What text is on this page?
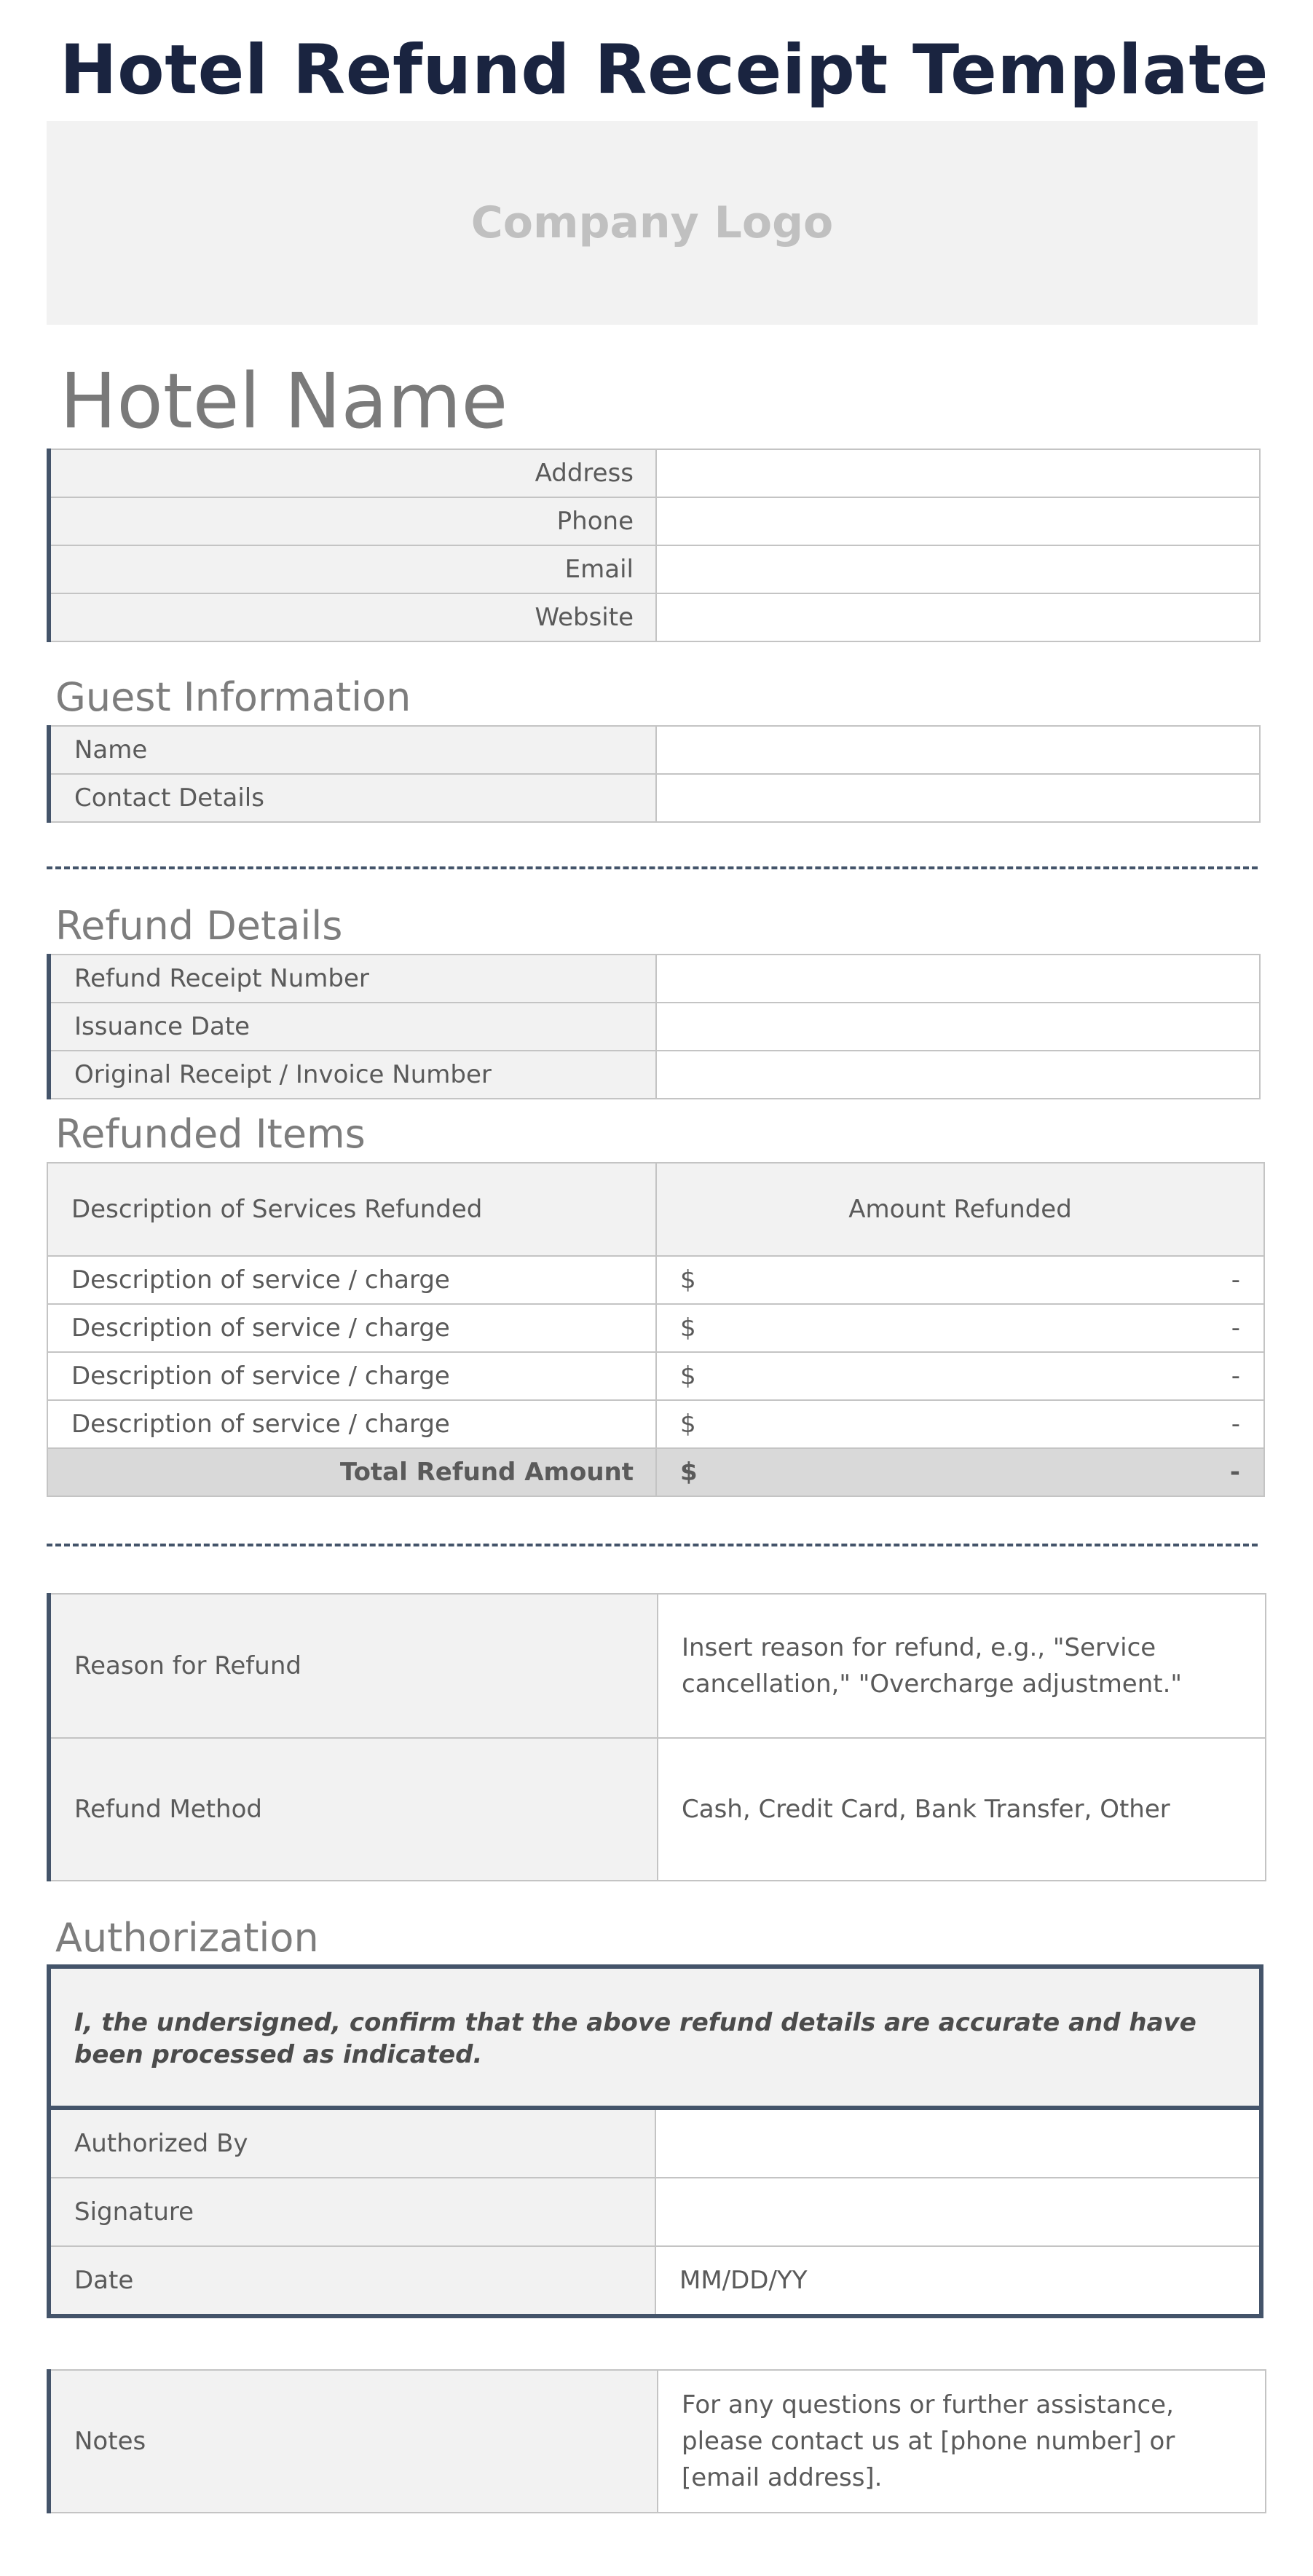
Hotel Refund Receipt Template
Company Logo
Hotel Name
Address	
Phone	
Email	
Website	
Guest Information
Name	
Contact Details	
Refund Details
Refund Receipt Number	
Issuance Date	
Original Receipt / Invoice Number	
Refunded Items
Description of Services Refunded	Amount Refunded
Description of service / charge	$ -

Description of service / charge	$ -

Description of service / charge	$ -

Description of service / charge	$ -

Total Refund Amount	$ -
Reason for Refund	Insert reason for refund, e.g., "Service cancellation," "Overcharge adjustment."
Refund Method	Cash, Credit Card, Bank Transfer, Other
Authorization
I, the undersigned, confirm that the above refund details are accurate and have been processed as indicated.
Authorized By	
Signature	
Date	MM/DD/YY
Notes	For any questions or further assistance, please contact us at [phone number] or [email address].
